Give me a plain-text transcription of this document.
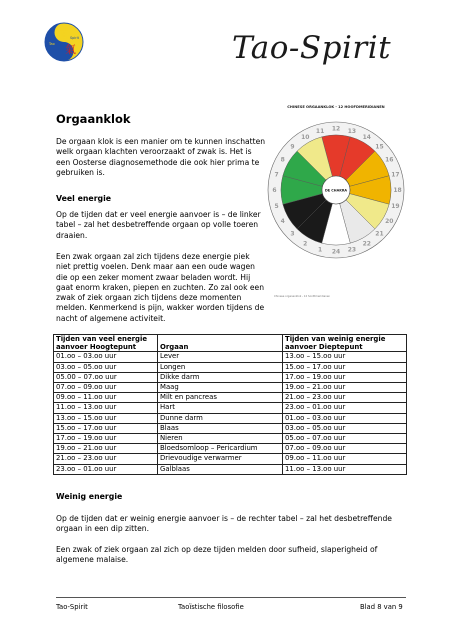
道
氣
Tao
Spirit	Tao-Spirit
Orgaanklok
De orgaan klok is een manier om te kunnen inschatten welk orgaan klachten veroorzaakt of zwak is. Het is een Oosterse diagnosemethode die ook hier prima te gebruiken is.
Veel energie
Op de tijden dat er veel energie aanvoer is – de linker tabel – zal het desbetreffende orgaan op volle toeren draaien.
Een zwak orgaan zal zich tijdens deze energie piek niet prettig voelen. Denk maar aan een oude wagen die op een zeker moment zwaar beladen wordt. Hij gaat enorm kraken, piepen en zuchten. Zo zal ook een zwak of ziek orgaan zich tijdens deze momenten melden. Kenmerkend is pijn, wakker worden tijdens de nacht of algemene activiteit.
CHINESE ORGAANKLOK - 12 HOOFDMERIDIANEN
11 12 13
14
15
16
17
18
19
20
21
22
23
24
1
2
3
4
5
6
7
8
9
10
DE CHAKRA
Chinese organenklok - 12 hoofdmeridianen
Tijden van veel energie aanvoer Hoogtepunt	Orgaan	Tijden van weinig energie aanvoer Dieptepunt
01.oo – 03.oo uur	Lever	13.oo – 15.oo uur
03.oo – 05.oo uur	Longen	15.oo – 17.oo uur
05.00 – 07.oo uur	Dikke darm	17.oo – 19.oo uur
07.oo – 09.oo uur	Maag	19.oo – 21.oo uur
09.oo – 11.oo uur	Milt en pancreas	21.oo – 23.oo uur
11.oo – 13.oo uur	Hart	23.oo – 01.oo uur
13.oo – 15.oo uur	Dunne darm	01.oo – 03.oo uur
15.oo – 17.oo uur	Blaas	03.oo – 05.oo uur
17.oo – 19.oo uur	Nieren	05.oo – 07.oo uur
19.oo – 21.oo uur	Bloedsomloop – Pericardium	07.oo – 09.oo uur
21.oo – 23.oo uur	Drievoudige verwarmer	09.oo – 11.oo uur
23.oo – 01.oo uur	Galblaas	11.oo – 13.oo uur
Weinig energie
Op de tijden dat er weinig energie aanvoer is – de rechter tabel – zal het desbetreffende orgaan in een dip zitten.
Een zwak of ziek orgaan zal zich op deze tijden melden door sufheid, slaperigheid of algemene malaise.
Tao-Spirit	Taoïstische filosofie	Blad 8 van 9
